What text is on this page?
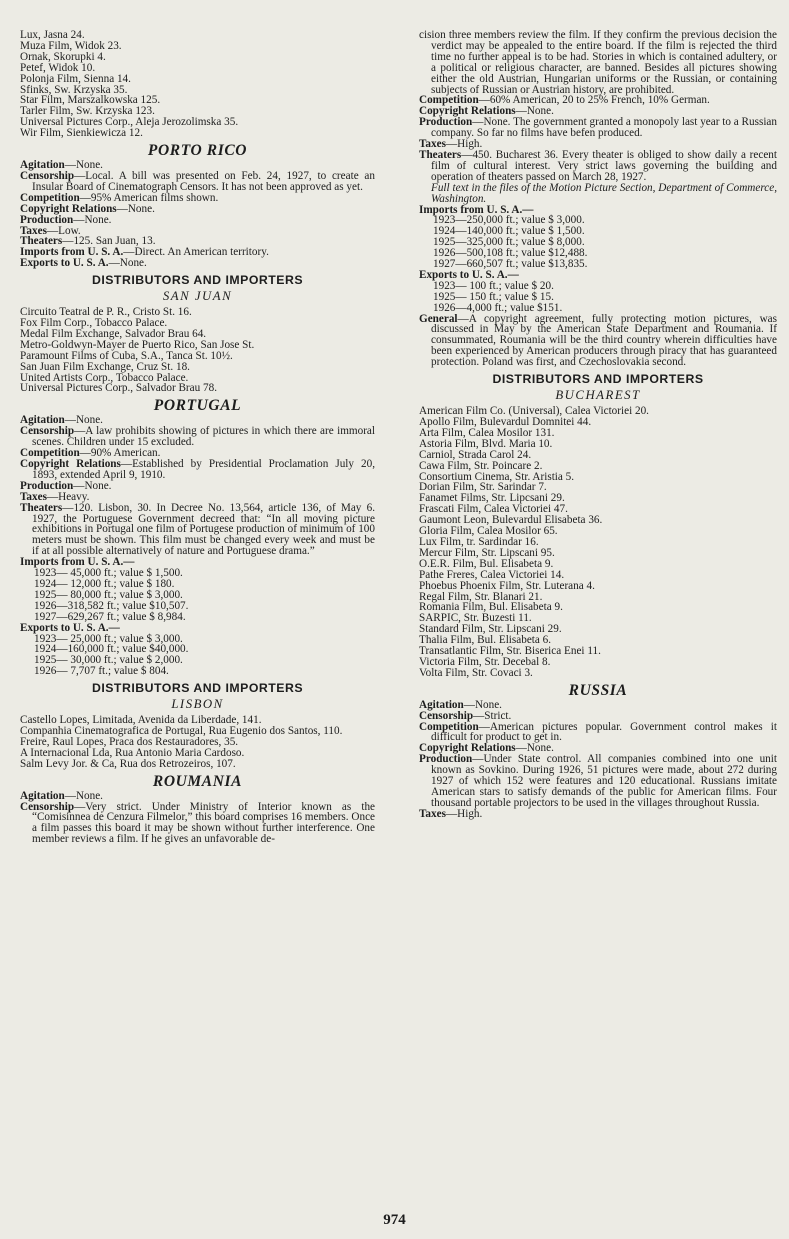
Lux, Jasna 24.
Muza Film, Widok 23.
Ornak, Skorupki 4.
Petef, Widok 10.
Polonja Film, Sienna 14.
Sfinks, Sw. Krzyska 35.
Star Film, Marszalkowska 125.
Tarler Film, Sw. Krzyska 123.
Universal Pictures Corp., Aleja Jerozolimska 35.
Wir Film, Sienkiewicza 12.
PORTO RICO
Agitation—None.
Censorship—Local. A bill was presented on Feb. 24, 1927, to create an Insular Board of Cinematograph Censors. It has not been approved as yet.
Competition—95% American films shown.
Copyright Relations—None.
Production—None.
Taxes—Low.
Theaters—125. San Juan, 13.
Imports from U. S. A.—Direct. An American territory.
Exports to U. S. A.—None.
DISTRIBUTORS AND IMPORTERS
SAN JUAN
Circuito Teatral de P. R., Cristo St. 16.
Fox Film Corp., Tobacco Palace.
Medal Film Exchange, Salvador Brau 64.
Metro-Goldwyn-Mayer de Puerto Rico, San Jose St.
Paramount Films of Cuba, S.A., Tanca St. 10½.
San Juan Film Exchange, Cruz St. 18.
United Artists Corp., Tobacco Palace.
Universal Pictures Corp., Salvador Brau 78.
PORTUGAL
Agitation—None.
Censorship—A law prohibits showing of pictures in which there are immoral scenes. Children under 15 excluded.
Competition—90% American.
Copyright Relations—Established by Presidential Proclamation July 20, 1893, extended April 9, 1910.
Production—None.
Taxes—Heavy.
Theaters—120. Lisbon, 30. In Decree No. 13,564, article 136, of May 6. 1927, the Portuguese Government decreed that: “In all moving picture exhibitions in Portugal one film of Portugese production of minimum of 100 meters must be shown. This film must be changed every week and must be if at all possible alternatively of nature and Portuguese drama.”
Imports from U. S. A.—
1923— 45,000 ft.; value $ 1,500.
1924— 12,000 ft.; value $ 180.
1925— 80,000 ft.; value $ 3,000.
1926—318,582 ft.; value $10,507.
1927—629,267 ft.; value $ 8,984.
Exports to U. S. A.—
1923— 25,000 ft.; value $ 3,000.
1924—160,000 ft.; value $40,000.
1925— 30,000 ft.; value $ 2,000.
1926— 7,707 ft.; value $ 804.
DISTRIBUTORS AND IMPORTERS
LISBON
Castello Lopes, Limitada, Avenida da Liberdade, 141.
Companhia Cinematografica de Portugal, Rua Eugenio dos Santos, 110.
Freire, Raul Lopes, Praca dos Restauradores, 35.
A Internacional Lda, Rua Antonio Maria Cardoso.
Salm Levy Jor. & Ca, Rua dos Retrozeiros, 107.
ROUMANIA
Agitation—None.
Censorship—Very strict. Under Ministry of Interior known as the “Comisinnea de Cenzura Filmelor,” this board comprises 16 members. Once a film passes this board it may be shown without further interference. One member reviews a film. If he gives an unfavorable de-
cision three members review the film. If they confirm the previous decision the verdict may be appealed to the entire board. If the film is rejected the third time no further appeal is to be had. Stories in which is contained adultery, or a political or religious character, are banned. Besides all pictures showing either the old Austrian, Hungarian uniforms or the Russian, or containing subjects of Russian or Austrian history, are prohibited.
Competition—60% American, 20 to 25% French, 10% German.
Copyright Relations—None.
Production—None. The government granted a monopoly last year to a Russian company. So far no films have befen produced.
Taxes—High.
Theaters—450. Bucharest 36. Every theater is obliged to show daily a recent film of cultural interest. Very strict laws governing the building and operation of theaters passed on March 28, 1927.
Full text in the files of the Motion Picture Section, Department of Commerce, Washington.
Imports from U. S. A.—
1923—250,000 ft.; value $ 3,000.
1924—140,000 ft.; value $ 1,500.
1925—325,000 ft.; value $ 8,000.
1926—500,108 ft.; value $12,488.
1927—660,507 ft.; value $13,835.
Exports to U. S. A.—
1923— 100 ft.; value $ 20.
1925— 150 ft.; value $ 15.
1926—4,000 ft.; value $151.
General—A copyright agreement, fully protecting motion pictures, was discussed in May by the American State Department and Roumania. If consummated, Roumania will be the third country wherein difficulties have been experienced by American producers through piracy that has guaranteed protection. Poland was first, and Czechoslovakia second.
DISTRIBUTORS AND IMPORTERS
BUCHAREST
American Film Co. (Universal), Calea Victoriei 20.
Apollo Film, Bulevardul Domnitei 44.
Arta Film, Calea Mosilor 131.
Astoria Film, Blvd. Maria 10.
Carniol, Strada Carol 24.
Cawa Film, Str. Poincare 2.
Consortium Cinema, Str. Aristia 5.
Dorian Film, Str. Sarindar 7.
Fanamet Films, Str. Lipcsani 29.
Frascati Film, Calea Victoriei 47.
Gaumont Leon, Bulevardul Elisabeta 36.
Gloria Film, Calea Mosilor 65.
Lux Film, tr. Sardindar 16.
Mercur Film, Str. Lipscani 95.
O.E.R. Film, Bul. Elisabeta 9.
Pathe Freres, Calea Victoriei 14.
Phoebus Phoenix Film, Str. Luterana 4.
Regal Film, Str. Blanari 21.
Romania Film, Bul. Elisabeta 9.
SARPIC, Str. Buzesti 11.
Standard Film, Str. Lipscani 29.
Thalia Film, Bul. Elisabeta 6.
Transatlantic Film, Str. Biserica Enei 11.
Victoria Film, Str. Decebal 8.
Volta Film, Str. Covaci 3.
RUSSIA
Agitation—None.
Censorship—Strict.
Competition—American pictures popular. Government control makes it difficult for product to get in.
Copyright Relations—None.
Production—Under State control. All companies combined into one unit known as Sovkino. During 1926, 51 pictures were made, about 272 during 1927 of which 152 were features and 120 educational. Russians imitate American stars to satisfy demands of the public for American films. Four thousand portable projectors to be used in the villages throughout Russia.
Taxes—High.
974
